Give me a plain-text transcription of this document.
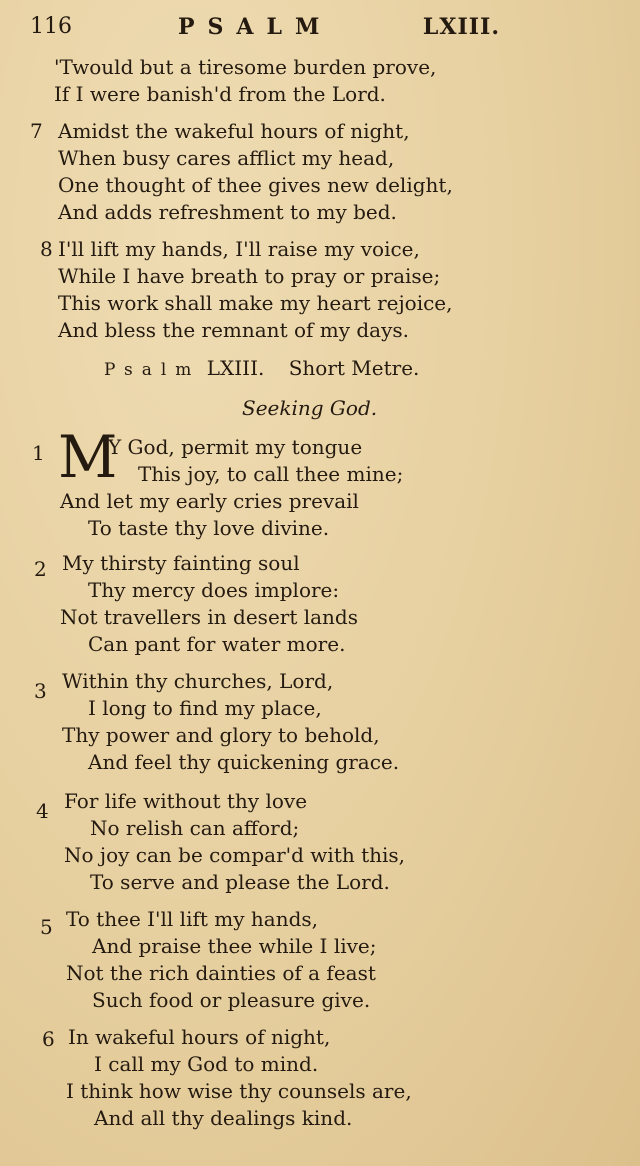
116	PSALM	LXIII.
'Twould but a tiresome burden prove,
If I were banish'd from the Lord.
7 Amidst the wakeful hours of night,
When busy cares afflict my head,
One thought of thee gives new delight,
And adds refreshment to my bed.
8 I'll lift my hands, I'll raise my voice,
While I have breath to pray or praise;
This work shall make my heart rejoice,
And bless the remnant of my days.
Psalm LXIII. Short Metre.
Seeking God.
1 M
Y God, permit my tongue
This joy, to call thee mine;
And let my early cries prevail
To taste thy love divine.
2 My thirsty fainting soul
Thy mercy does implore:
Not travellers in desert lands
Can pant for water more.
3 Within thy churches, Lord,
I long to find my place,
Thy power and glory to behold,
And feel thy quickening grace.
4 For life without thy love
No relish can afford;
No joy can be compar'd with this,
To serve and please the Lord.
5 To thee I'll lift my hands,
And praise thee while I live;
Not the rich dainties of a feast
Such food or pleasure give.
6 In wakeful hours of night,
I call my God to mind.
I think how wise thy counsels are,
And all thy dealings kind.
